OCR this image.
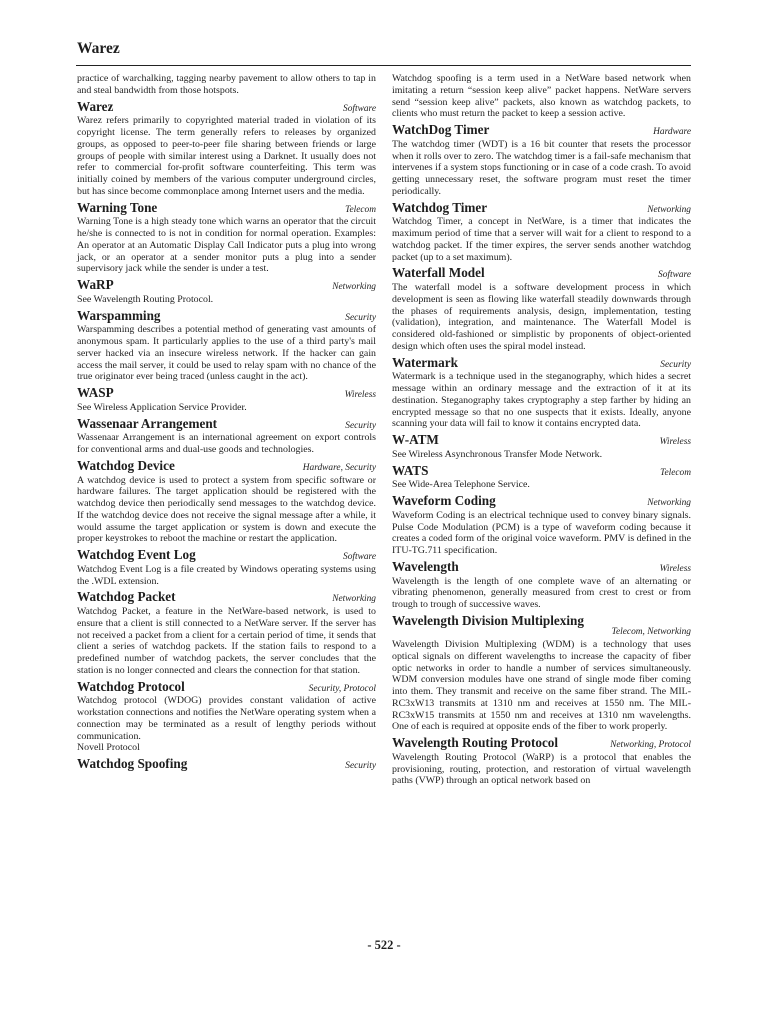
Warez

practice of warchalking, tagging nearby pavement to allow others to tap in and steal bandwidth from those hotspots.

Warez	Software

Warez refers primarily to copyrighted material traded in violation of its copyright license. The term generally refers to releases by organized groups, as opposed to peer-to-peer file sharing between friends or large groups of people with similar interest using a Darknet. It usually does not refer to commercial for-profit software counterfeiting. This term was initially coined by members of the various computer underground circles, but has since become commonplace among Internet users and the media.

Warning Tone	Telecom

Warning Tone is a high steady tone which warns an operator that the circuit he/she is connected to is not in condition for normal operation. Examples: An operator at an Automatic Display Call Indicator puts a plug into wrong jack, or an operator at a sender monitor puts a plug into a sender supervisory jack while the sender is under a test.

WaRP	Networking

See Wavelength Routing Protocol.

Warspamming	Security

Warspamming describes a potential method of generating vast amounts of anonymous spam. It particularly applies to the use of a third party's mail server hacked via an insecure wireless network. If the hacker can gain access the mail server, it could be used to relay spam with no chance of the true originator ever being traced (unless caught in the act).

WASP	Wireless

See Wireless Application Service Provider.

Wassenaar Arrangement	Security

Wassenaar Arrangement is an international agreement on export controls for conventional arms and dual-use goods and technologies.

Watchdog Device	Hardware, Security

A watchdog device is used to protect a system from specific software or hardware failures. The target application should be registered with the watchdog device then periodically send messages to the watchdog device. If the watchdog device does not receive the signal message after a while, it would assume the target application or system is down and execute the proper keystrokes to reboot the machine or restart the application.

Watchdog Event Log	Software

Watchdog Event Log is a file created by Windows operating systems using the .WDL extension.

Watchdog Packet	Networking

Watchdog Packet, a feature in the NetWare-based network, is used to ensure that a client is still connected to a NetWare server. If the server has not received a packet from a client for a certain period of time, it sends that client a series of watchdog packets. If the station fails to respond to a predefined number of watchdog packets, the server concludes that the station is no longer connected and clears the connection for that station.

Watchdog Protocol	Security, Protocol

Watchdog protocol (WDOG) provides constant validation of active workstation connections and notifies the NetWare operating system when a connection may be terminated as a result of lengthy periods without communication.

Novell Protocol

Watchdog Spoofing	Security

Watchdog spoofing is a term used in a NetWare based network when imitating a return “session keep alive” packet happens. NetWare servers send “session keep alive” packets, also known as watchdog packets, to clients who must return the packet to keep a session active.

WatchDog Timer	Hardware

The watchdog timer (WDT) is a 16 bit counter that resets the processor when it rolls over to zero. The watchdog timer is a fail-safe mechanism that intervenes if a system stops functioning or in case of a code crash. To avoid getting unnecessary reset, the software program must reset the timer periodically.

Watchdog Timer	Networking

Watchdog Timer, a concept in NetWare, is a timer that indicates the maximum period of time that a server will wait for a client to respond to a watchdog packet. If the timer expires, the server sends another watchdog packet (up to a set maximum).

Waterfall Model	Software

The waterfall model is a software development process in which development is seen as flowing like waterfall steadily downwards through the phases of requirements analysis, design, implementation, testing (validation), integration, and maintenance. The Waterfall Model is considered old-fashioned or simplistic by proponents of object-oriented design which often uses the spiral model instead.

Watermark	Security

Watermark is a technique used in the steganography, which hides a secret message within an ordinary message and the extraction of it at its destination. Steganography takes cryptography a step farther by hiding an encrypted message so that no one suspects that it exists. Ideally, anyone scanning your data will fail to know it contains encrypted data.

W-ATM	Wireless

See Wireless Asynchronous Transfer Mode Network.

WATS	Telecom

See Wide-Area Telephone Service.

Waveform Coding	Networking

Waveform Coding is an electrical technique used to convey binary signals. Pulse Code Modulation (PCM) is a type of waveform coding because it creates a coded form of the original voice waveform. PMV is defined in the ITU-TG.711 specification.

Wavelength	Wireless

Wavelength is the length of one complete wave of an alternating or vibrating phenomenon, generally measured from crest to crest or from trough to trough of successive waves.

Wavelength Division Multiplexing
Telecom, Networking

Wavelength Division Multiplexing (WDM) is a technology that uses optical signals on different wavelengths to increase the capacity of fiber optic networks in order to handle a number of services simultaneously. WDM conversion modules have one strand of single mode fiber coming into them. They transmit and receive on the same fiber strand. The MIL-RC3xW13 transmits at 1310 nm and receives at 1550 nm. The MIL-RC3xW15 transmits at 1550 nm and receives at 1310 nm wavelengths. One of each is required at opposite ends of the fiber to work properly.

Wavelength Routing Protocol	Networking, Protocol

Wavelength Routing Protocol (WaRP) is a protocol that enables the provisioning, routing, protection, and restoration of virtual wavelength paths (VWP) through an optical network based on

- 522 -
